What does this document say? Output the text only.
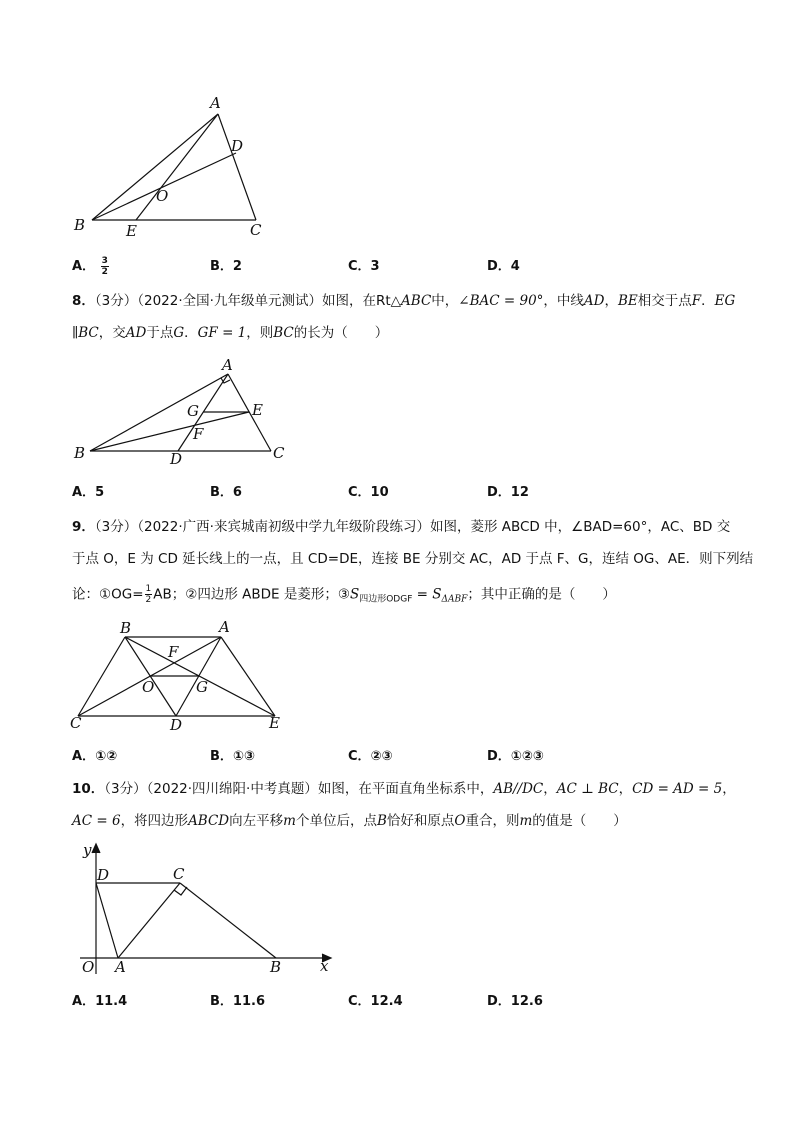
A
D
O
B	E	C
A． $\frac{3}{2}$	B．2	C．3	D．4
8．（3分）（2022·全国·九年级单元测试）如图，在Rt△ABC中，∠BAC = 90°，中线AD，BE相交于点F．EG
∥BC，交AD于点G．GF = 1，则BC的长为（　　）
A
G	E
F
B	D	C
A．5	B．6	C．10	D．12
9．（3分）（2022·广西·来宾城南初级中学九年级阶段练习）如图，菱形 ABCD 中，∠BAD=60°，AC、BD 交
于点 O，E 为 CD 延长线上的一点，且 CD=DE，连接 BE 分别交 AC，AD 于点 F、G，连结 OG、AE．则下列结
论：①OG= $\frac{1}{2}$ AB；②四边形 ABDE 是菱形；$③S_{四边形ODGF} = S_{\Delta ABF}$；其中正确的是（　　）
B	A
F
O	G
C	D	E
A．①②	B．①③	C．②③	D．①②③
10．（3分）（2022·四川绵阳·中考真题）如图，在平面直角坐标系中，AB//DC，AC ⊥ BC，CD = AD = 5，
AC = 6，将四边形ABCD向左平移m个单位后，点B恰好和原点O重合，则m的值是（　　）
y
D	C
O A	B	x
A．11.4	B．11.6	C．12.4	D．12.6
